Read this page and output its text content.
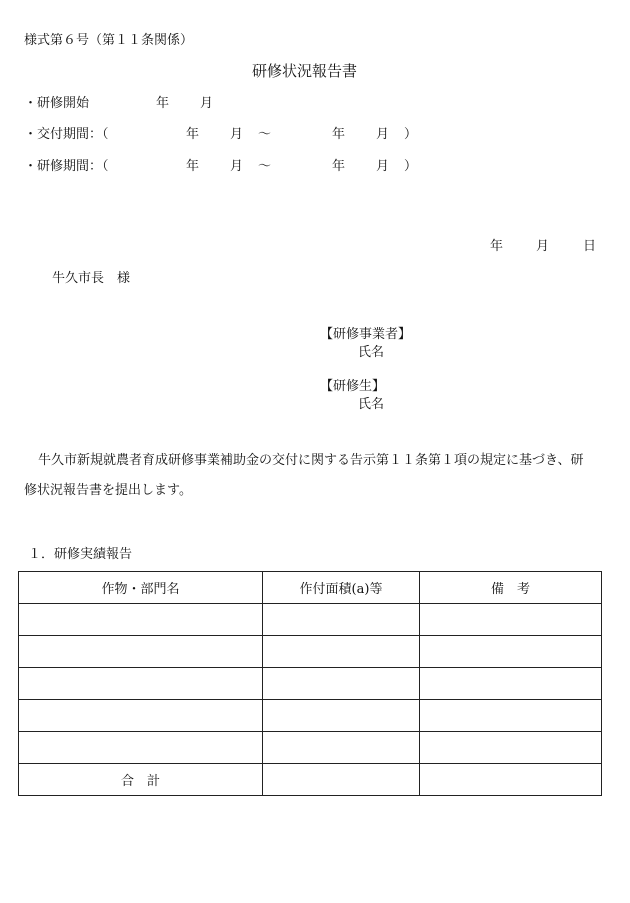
様式第６号（第１１条関係）
研修状況報告書
・研修開始	年 月
・交付期間：（	年 月 〜	年 月 ）
・研修期間：（	年 月 〜	年 月 ）
年	月	日
牛久市長　様
【研修事業者】
氏名
【研修生】
氏名
牛久市新規就農者育成研修事業補助金の交付に関する告示第１１条第１項の規定に基づき、研
修状況報告書を提出します。
１．研修実績報告
作物・部門名	作付面積(a)等	備　考

合　計		
